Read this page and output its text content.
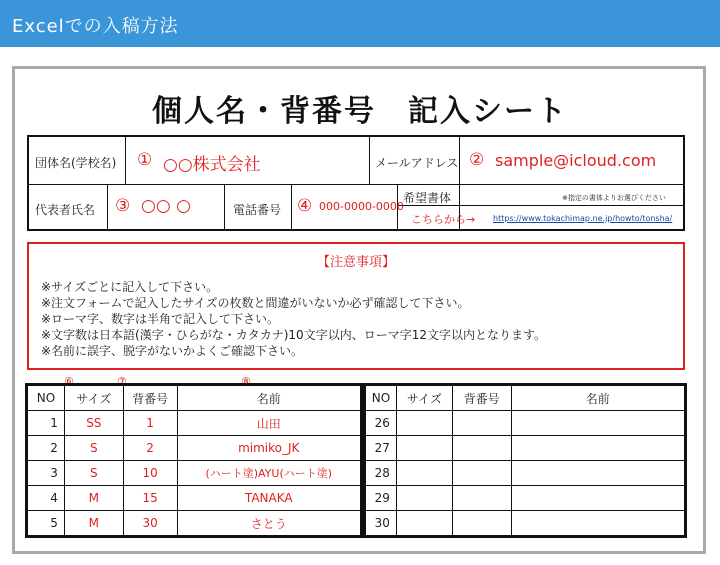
Excelでの入稿方法
個人名・背番号　記入シート
団体名(学校名) ① ○○株式会社	メールアドレス ② sample@icloud.com
代表者氏名 ③ ○○ ○	電話番号 ④ 000-0000-0000
希望書体	※指定の書体よりお選びください
こちらから→ https://www.tokachimap.ne.jp/howto/tonsha/
【注意事項】
※サイズごとに記入して下さい。
※注文フォームで記入したサイズの枚数と間違がいないか必ず確認して下さい。
※ローマ字、数字は半角で記入して下さい。
※文字数は日本語(漢字・ひらがな・カタカナ)10文字以内、ローマ字12文字以内となります。
※名前に誤字、脱字がないかよくご確認下さい。
⑥	⑦	⑧
NO	サイズ	背番号	名前
1	SS	1	山田
2	S	2	mimiko_JK
3	S	10	(ハート塗)AYU(ハート塗)
4	M	15	TANAKA
5	M	30	さとう
NO	サイズ	背番号	名前
26			
27			
28			
29			
30			
